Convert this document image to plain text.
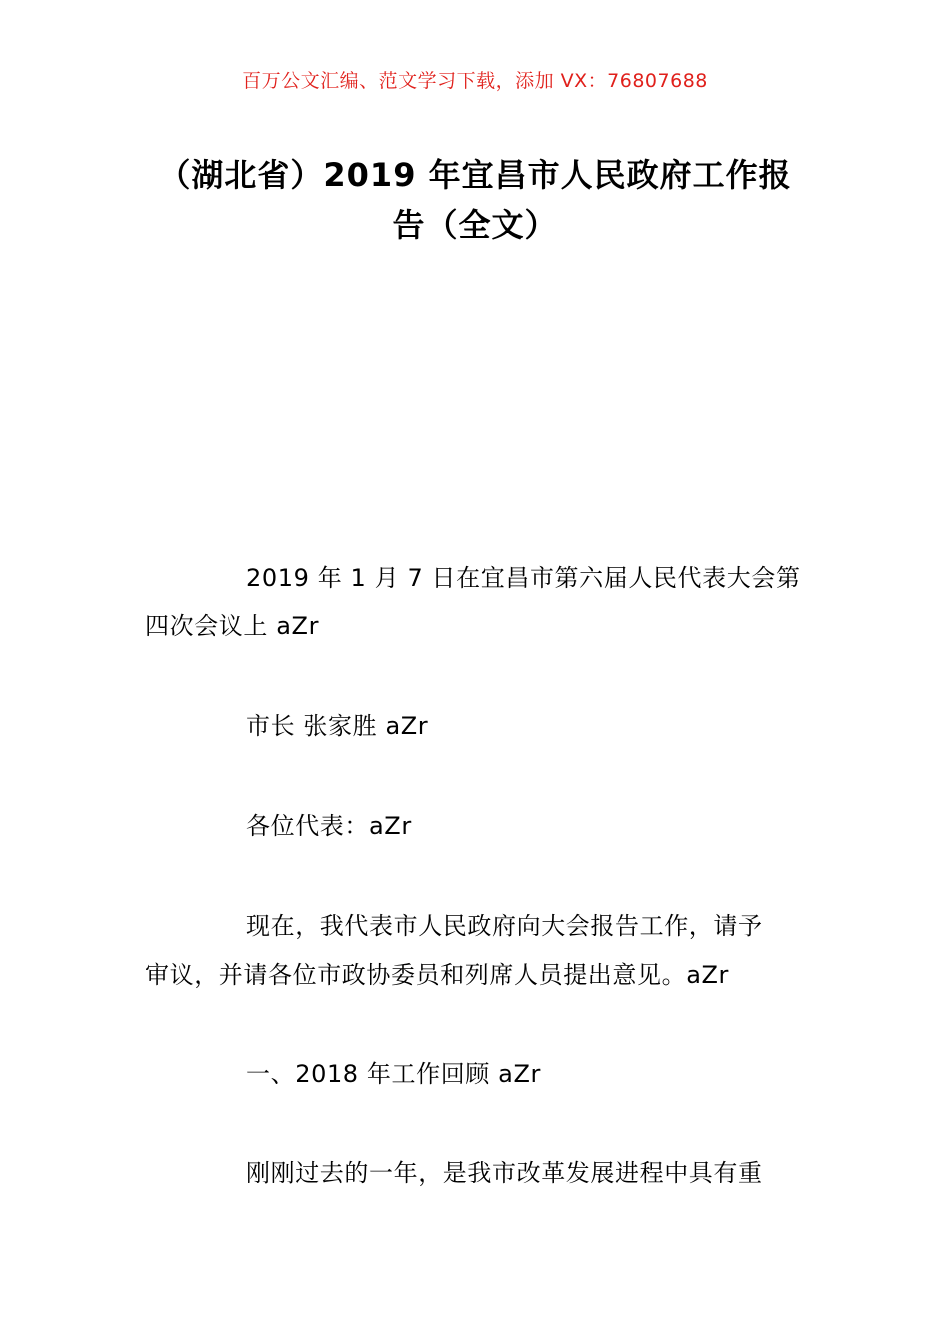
百万公文汇编、范文学习下载，添加 VX：76807688
（湖北省）2019 年宜昌市人民政府工作报
告（全文）
2019 年 1 月 7 日在宜昌市第六届人民代表大会第
四次会议上 aZr
市长 张家胜 aZr
各位代表：aZr
现在，我代表市人民政府向大会报告工作，请予
审议，并请各位市政协委员和列席人员提出意见。aZr
一、2018 年工作回顾 aZr
刚刚过去的一年，是我市改革发展进程中具有重
